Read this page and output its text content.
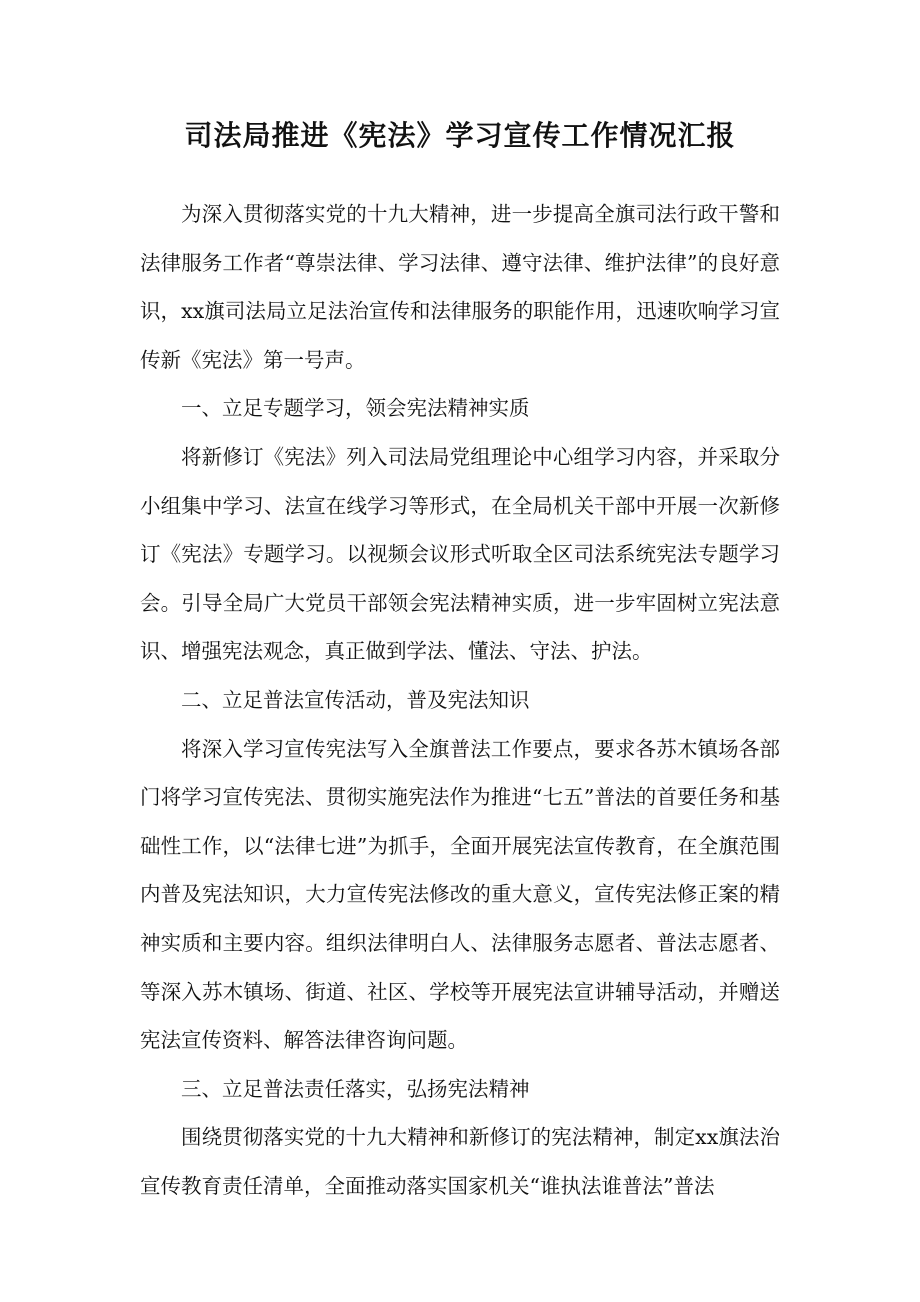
司法局推进《宪法》学习宣传工作情况汇报

为深入贯彻落实党的十九大精神，进一步提高全旗司法行政干警和法律服务工作者“尊崇法律、学习法律、遵守法律、维护法律”的良好意识，xx旗司法局立足法治宣传和法律服务的职能作用，迅速吹响学习宣传新《宪法》第一号声。

一、立足专题学习，领会宪法精神实质

将新修订《宪法》列入司法局党组理论中心组学习内容，并采取分小组集中学习、法宣在线学习等形式，在全局机关干部中开展一次新修订《宪法》专题学习。以视频会议形式听取全区司法系统宪法专题学习会。引导全局广大党员干部领会宪法精神实质，进一步牢固树立宪法意识、增强宪法观念，真正做到学法、懂法、守法、护法。

二、立足普法宣传活动，普及宪法知识

将深入学习宣传宪法写入全旗普法工作要点，要求各苏木镇场各部门将学习宣传宪法、贯彻实施宪法作为推进“七五”普法的首要任务和基础性工作，以“法律七进”为抓手，全面开展宪法宣传教育，在全旗范围内普及宪法知识，大力宣传宪法修改的重大意义，宣传宪法修正案的精神实质和主要内容。组织法律明白人、法律服务志愿者、普法志愿者、等深入苏木镇场、街道、社区、学校等开展宪法宣讲辅导活动，并赠送宪法宣传资料、解答法律咨询问题。

三、立足普法责任落实，弘扬宪法精神

围绕贯彻落实党的十九大精神和新修订的宪法精神，制定xx旗法治宣传教育责任清单，全面推动落实国家机关“谁执法谁普法”普法
